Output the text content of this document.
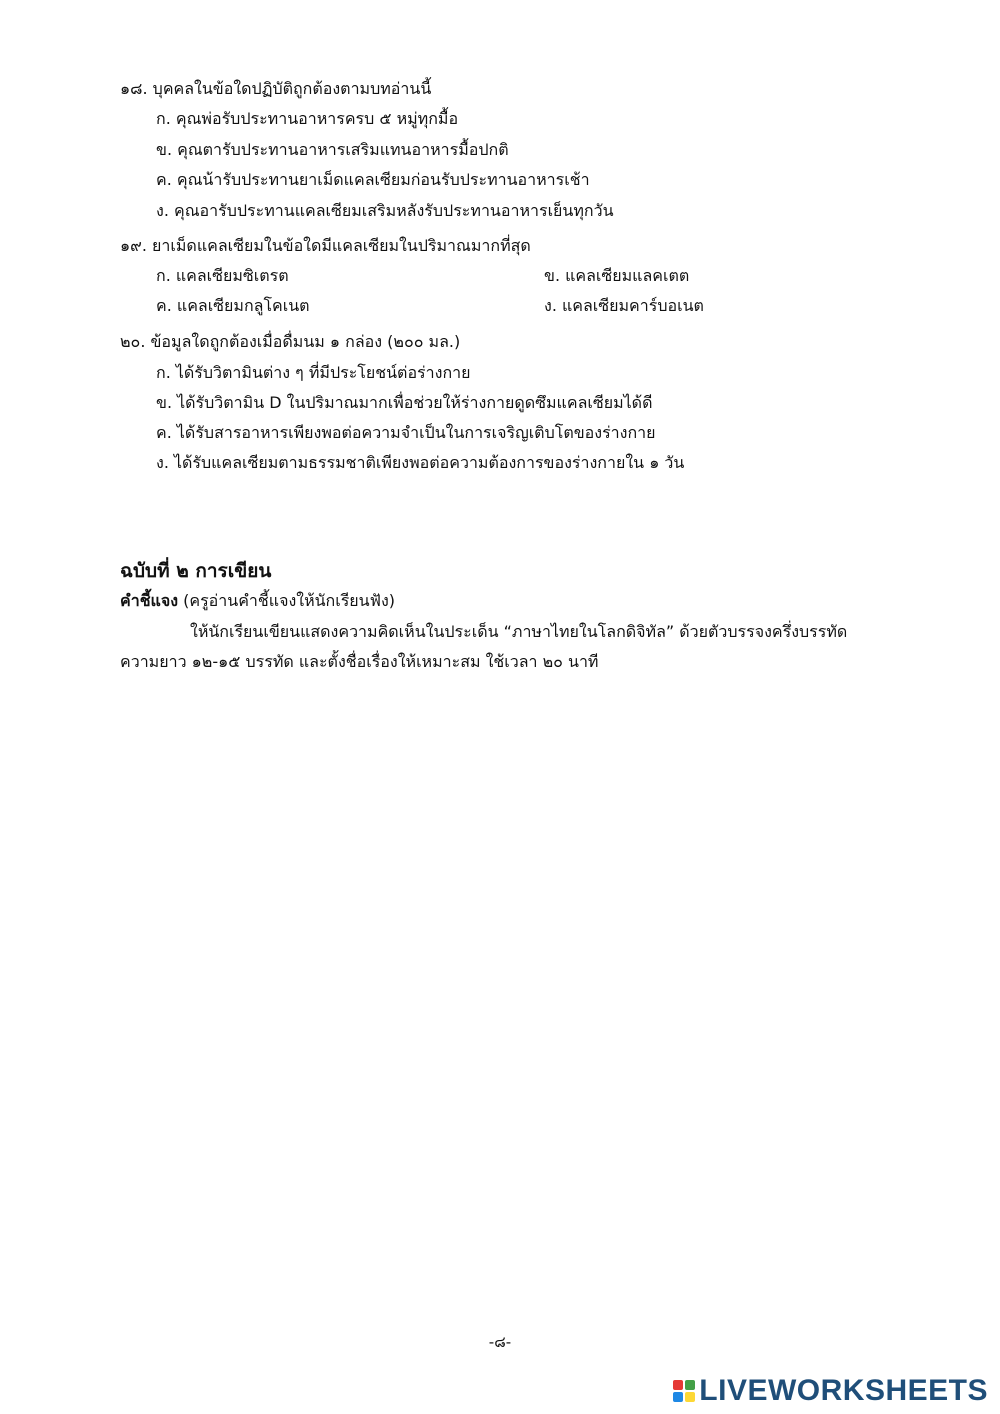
๑๘. บุคคลในข้อใดปฏิบัติถูกต้องตามบทอ่านนี้
ก. คุณพ่อรับประทานอาหารครบ ๕ หมู่ทุกมื้อ
ข. คุณตารับประทานอาหารเสริมแทนอาหารมื้อปกติ
ค. คุณน้ารับประทานยาเม็ดแคลเซียมก่อนรับประทานอาหารเช้า
ง. คุณอารับประทานแคลเซียมเสริมหลังรับประทานอาหารเย็นทุกวัน
๑๙. ยาเม็ดแคลเซียมในข้อใดมีแคลเซียมในปริมาณมากที่สุด
ก. แคลเซียมซิเตรต	ข. แคลเซียมแลคเตต
ค. แคลเซียมกลูโคเนต	ง. แคลเซียมคาร์บอเนต
๒๐. ข้อมูลใดถูกต้องเมื่อดื่มนม ๑ กล่อง (๒๐๐ มล.)
ก. ได้รับวิตามินต่าง ๆ ที่มีประโยชน์ต่อร่างกาย
ข. ได้รับวิตามิน D ในปริมาณมากเพื่อช่วยให้ร่างกายดูดซึมแคลเซียมได้ดี
ค. ได้รับสารอาหารเพียงพอต่อความจำเป็นในการเจริญเติบโตของร่างกาย
ง. ได้รับแคลเซียมตามธรรมชาติเพียงพอต่อความต้องการของร่างกายใน ๑ วัน
ฉบับที่ ๒ การเขียน
คำชี้แจง (ครูอ่านคำชี้แจงให้นักเรียนฟัง)
ให้นักเรียนเขียนแสดงความคิดเห็นในประเด็น “ภาษาไทยในโลกดิจิทัล” ด้วยตัวบรรจงครึ่งบรรทัด
ความยาว ๑๒-๑๕ บรรทัด และตั้งชื่อเรื่องให้เหมาะสม ใช้เวลา ๒๐ นาที
-๘-
LIVEWORKSHEETS
